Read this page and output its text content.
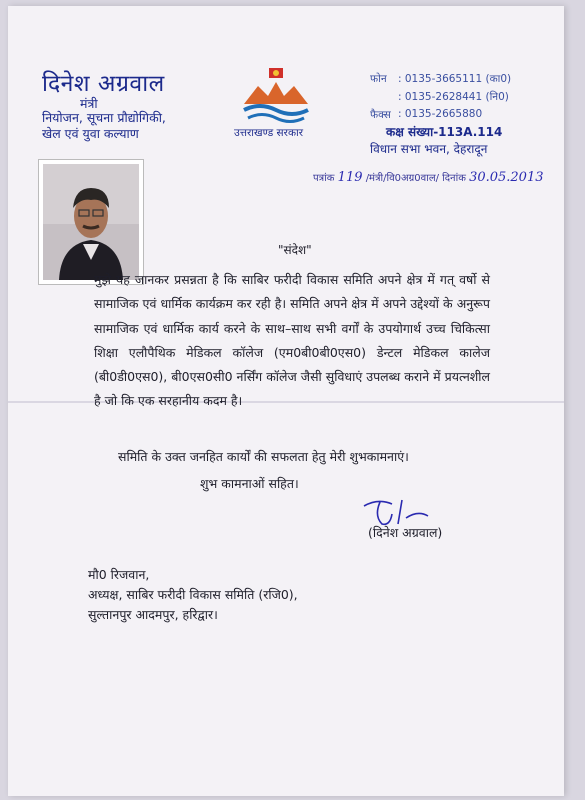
दिनेश अग्रवाल
मंत्री
नियोजन, सूचना प्रौद्योगिकी,
खेल एवं युवा कल्याण	उत्तराखण्ड सरकार
फोन : 0135-3665111 (का0)
: 0135-2628441 (नि0)
फैक्स : 0135-2665880
कक्ष संख्या-113A.114
विधान सभा भवन, देहरादून
पत्रांक 119 /मंत्री/वि0अग्र0वाल/ दिनांक 30.05.2013
"संदेश"
मुझे यह जानकर प्रसन्नता है कि साबिर फरीदी विकास समिति अपने क्षेत्र में गत् वर्षो से सामाजिक एवं धार्मिक कार्यक्रम कर रही है। समिति अपने क्षेत्र में अपने उद्देश्यों के अनुरूप सामाजिक एवं धार्मिक कार्य करने के साथ–साथ सभी वर्गों के उपयोगार्थ उच्च चिकित्सा शिक्षा एलौपैथिक मेडिकल कॉलेज (एम0बी0बी0एस0) डेन्टल मेडिकल कालेज (बी0डी0एस0), बी0एस0सी0 नर्सिंग कॉलेज जैसी सुविधाएं उपलब्ध कराने में प्रयत्नशील है जो कि एक सरहानीय कदम है।
समिति के उक्त जनहित कार्यों की सफलता हेतु मेरी शुभकामनाएं।
शुभ कामनाओं सहित।
(दिनेश अग्रवाल)
मौ0 रिजवान,
अध्यक्ष, साबिर फरीदी विकास समिति (रजि0),
सुल्तानपुर आदमपुर, हरिद्वार।
